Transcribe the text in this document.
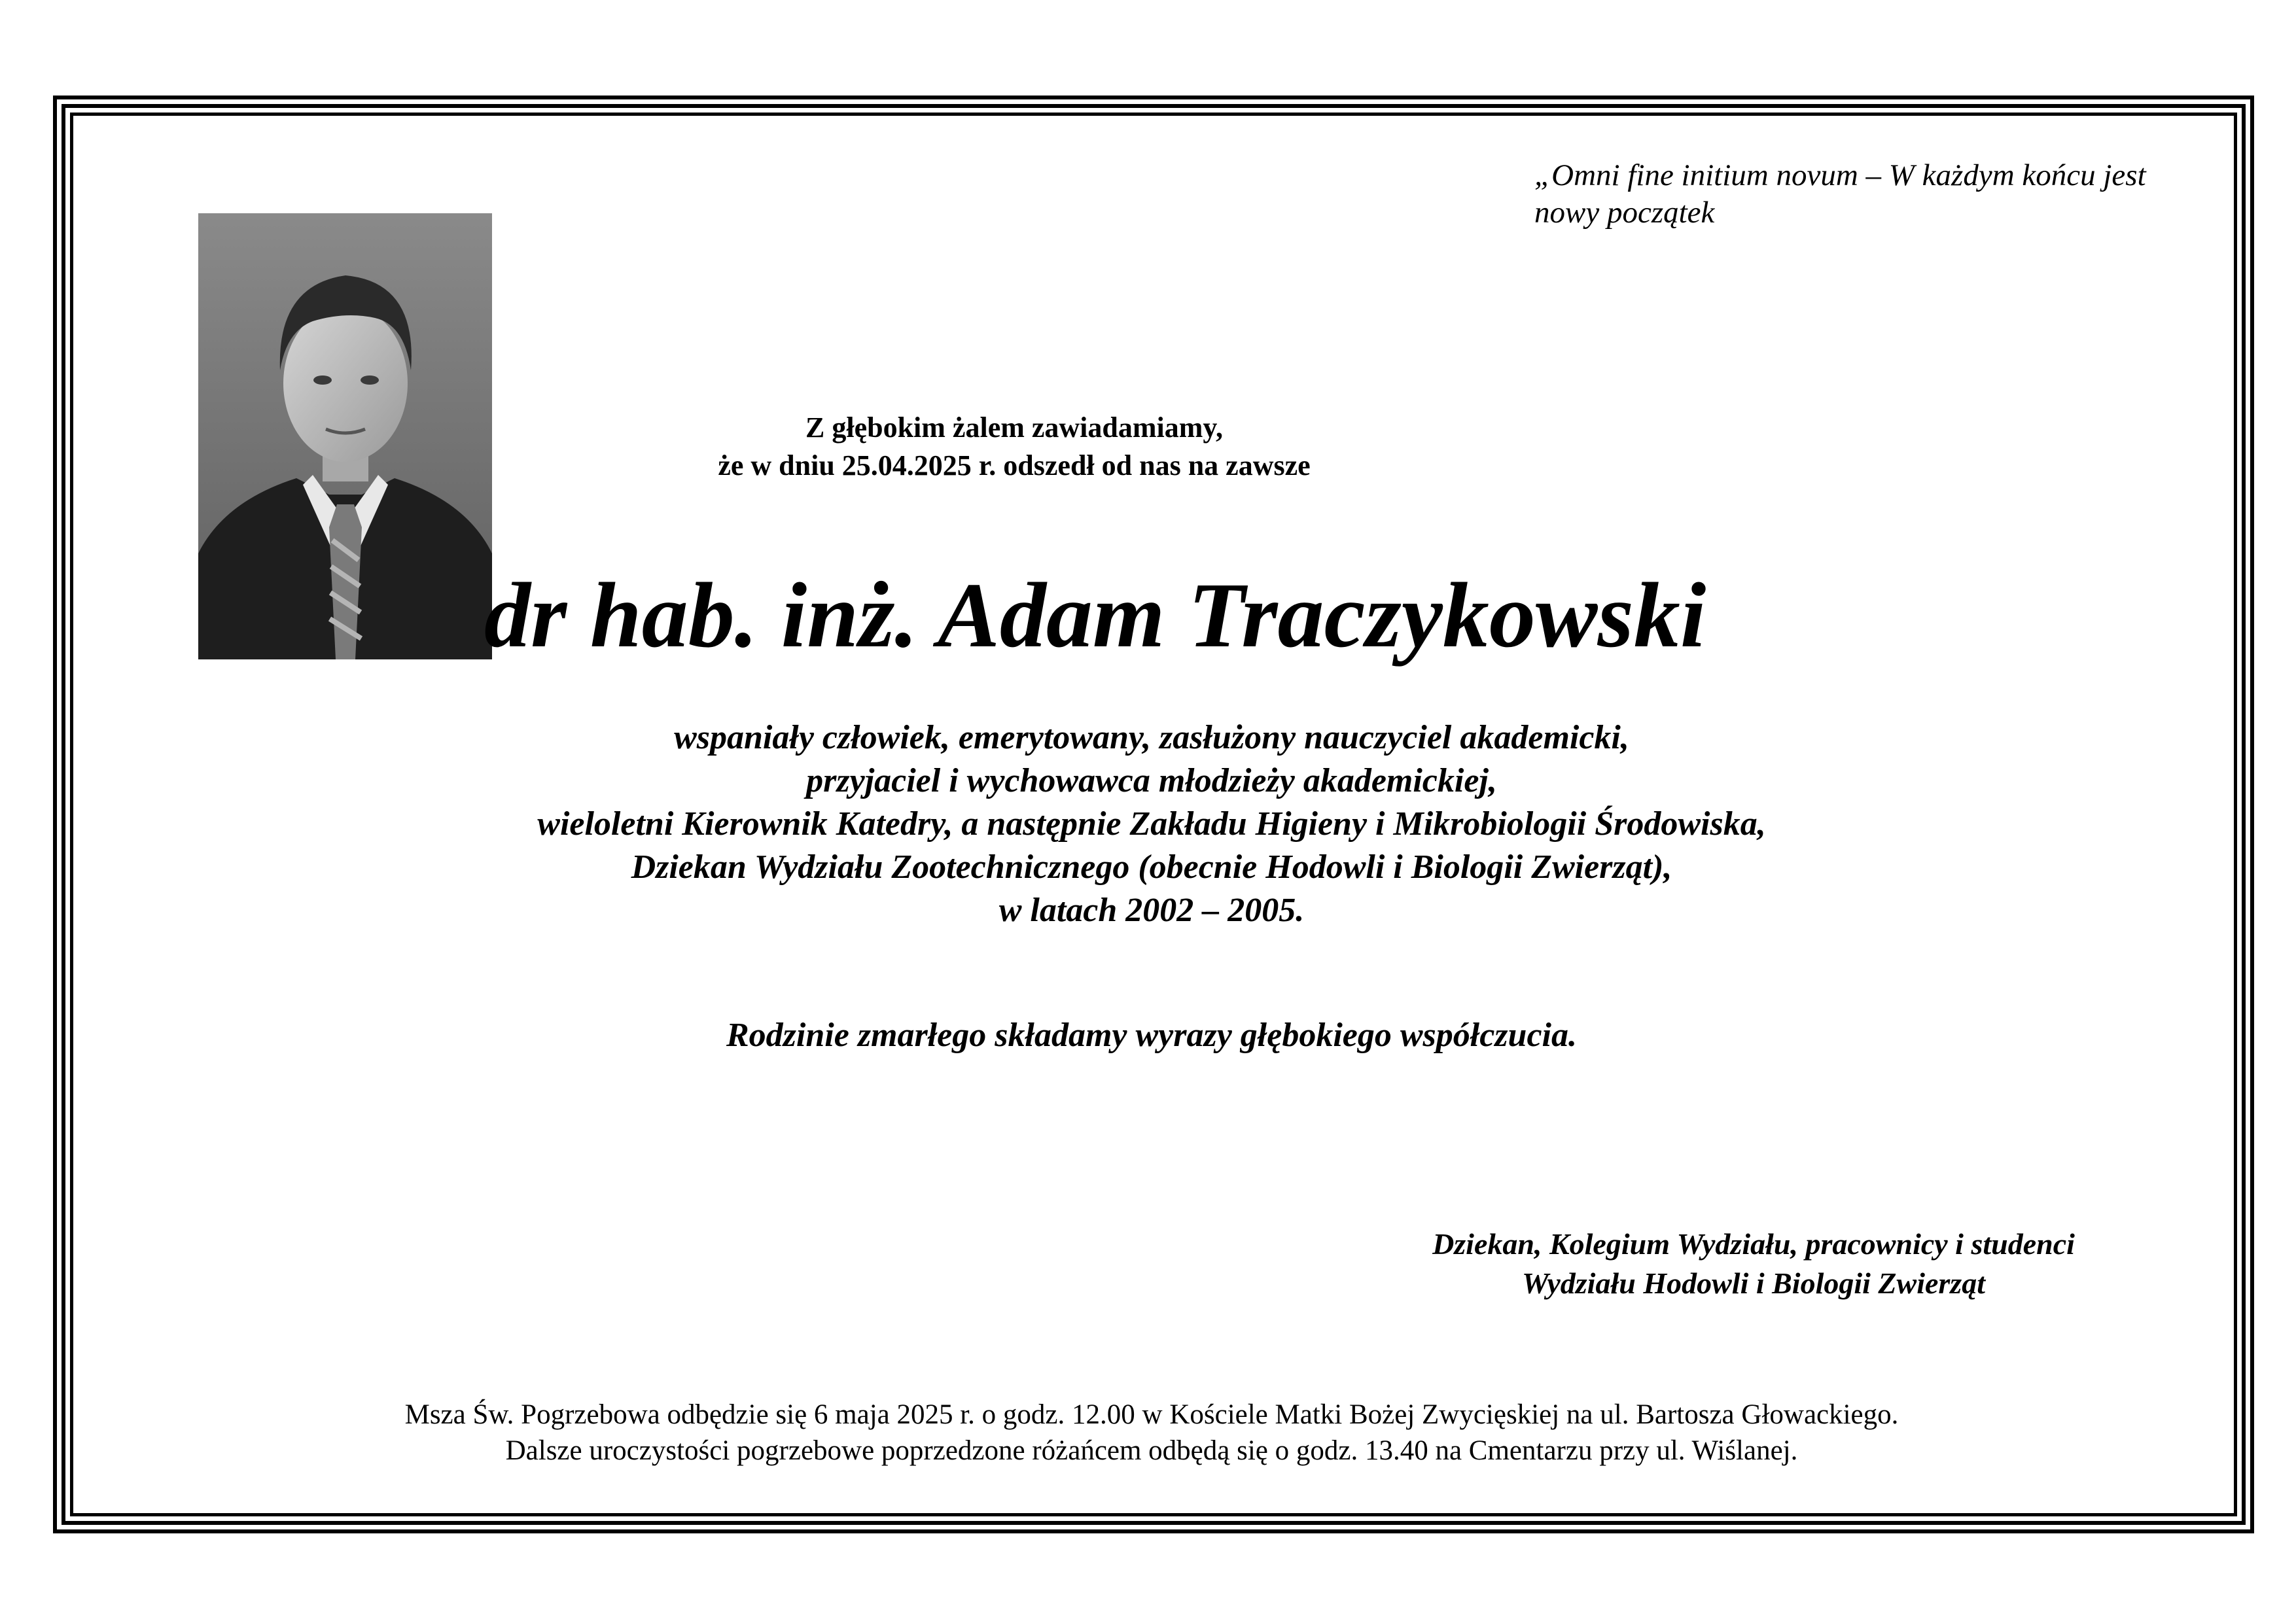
„Omni fine initium novum – W każdym końcu jest
nowy początek
Z głębokim żalem zawiadamiamy,
że w dniu 25.04.2025 r. odszedł od nas na zawsze
dr hab. inż. Adam Traczykowski
wspaniały człowiek, emerytowany, zasłużony nauczyciel akademicki,
przyjaciel i wychowawca młodzieży akademickiej,
wieloletni Kierownik Katedry, a następnie Zakładu Higieny i Mikrobiologii Środowiska,
Dziekan Wydziału Zootechnicznego (obecnie Hodowli i Biologii Zwierząt),
w latach 2002 – 2005.
Rodzinie zmarłego składamy wyrazy głębokiego współczucia.
Dziekan, Kolegium Wydziału, pracownicy i studenci
Wydziału Hodowli i Biologii Zwierząt
Msza Św. Pogrzebowa odbędzie się 6 maja 2025 r. o godz. 12.00 w Kościele Matki Bożej Zwycięskiej na ul. Bartosza Głowackiego.
Dalsze uroczystości pogrzebowe poprzedzone różańcem odbędą się o godz. 13.40 na Cmentarzu przy ul. Wiślanej.
